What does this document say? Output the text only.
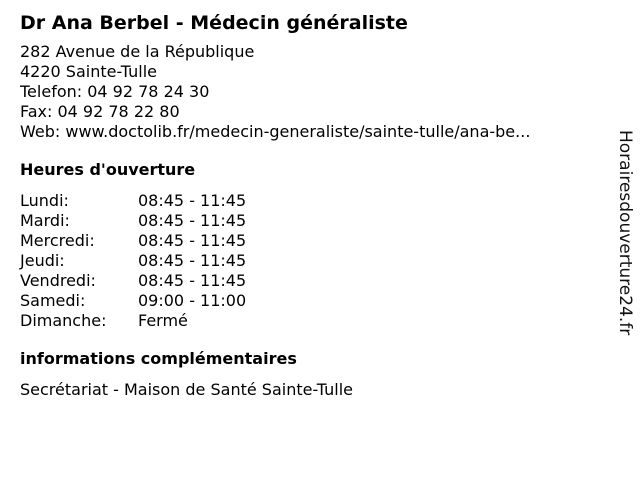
Dr Ana Berbel - Médecin généraliste
282 Avenue de la République
4220 Sainte-Tulle
Telefon: 04 92 78 24 30
Fax: 04 92 78 22 80
Web: www.doctolib.fr/medecin-generaliste/sainte-tulle/ana-be...
Heures d'ouverture
Lundi:	08:45 - 11:45
Mardi:	08:45 - 11:45
Mercredi:	08:45 - 11:45
Jeudi:	08:45 - 11:45
Vendredi:	08:45 - 11:45
Samedi:	09:00 - 11:00
Dimanche:	Fermé
informations complémentaires
Secrétariat - Maison de Santé Sainte-Tulle
Horairesdouverture24.fr
